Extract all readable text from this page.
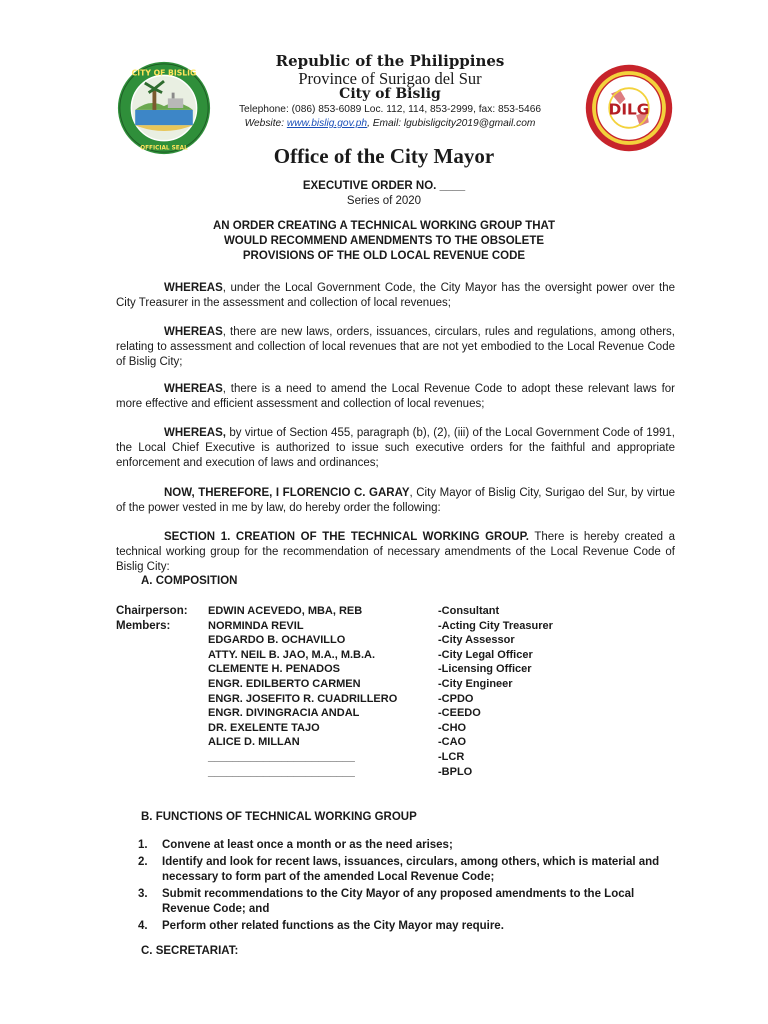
CITY OF BISLIG
OFFICIAL SEAL
DILG
Republic of the Philippines
Province of Surigao del Sur
City of Bislig
Telephone: (086) 853-6089 Loc. 112, 114, 853-2999, fax: 853-5466
Website: www.bislig.gov.ph, Email: lgubisligcity2019@gmail.com
Office of the City Mayor
EXECUTIVE ORDER NO. ____
Series of 2020
AN ORDER CREATING A TECHNICAL WORKING GROUP THAT
WOULD RECOMMEND AMENDMENTS TO THE OBSOLETE
PROVISIONS OF THE OLD LOCAL REVENUE CODE

WHEREAS, under the Local Government Code, the City Mayor has the oversight power over the City Treasurer in the assessment and collection of local revenues;

WHEREAS, there are new laws, orders, issuances, circulars, rules and regulations, among others, relating to assessment and collection of local revenues that are not yet embodied to the Local Revenue Code of Bislig City;

WHEREAS, there is a need to amend the Local Revenue Code to adopt these relevant laws for more effective and efficient assessment and collection of local revenues;

WHEREAS, by virtue of Section 455, paragraph (b), (2), (iii) of the Local Government Code of 1991, the Local Chief Executive is authorized to issue such executive orders for the faithful and appropriate enforcement and execution of laws and ordinances;

NOW, THEREFORE, I FLORENCIO C. GARAY, City Mayor of Bislig City, Surigao del Sur, by virtue of the power vested in me by law, do hereby order the following:

SECTION 1. CREATION OF THE TECHNICAL WORKING GROUP. There is hereby created a technical working group for the recommendation of necessary amendments of the Local Revenue Code of Bislig City:

A. COMPOSITION
Chairperson: EDWIN ACEVEDO, MBA, REB	-Consultant
Members:	NORMINDA REVIL	-Acting City Treasurer
EDGARDO B. OCHAVILLO	-City Assessor
ATTY. NEIL B. JAO, M.A., M.B.A.	-City Legal Officer
CLEMENTE H. PENADOS	-Licensing Officer
ENGR. EDILBERTO CARMEN	-City Engineer
ENGR. JOSEFITO R. CUADRILLERO	-CPDO
ENGR. DIVINGRACIA ANDAL	-CEEDO
DR. EXELENTE TAJO	-CHO
ALICE D. MILLAN	-CAO
________________________	-LCR
________________________	-BPLO
B. FUNCTIONS OF TECHNICAL WORKING GROUP
1.	Convene at least once a month or as the need arises;
2.	Identify and look for recent laws, issuances, circulars, among others, which is material and necessary to form part of the amended Local Revenue Code;
3.	Submit recommendations to the City Mayor of any proposed amendments to the Local Revenue Code; and
4.	Perform other related functions as the City Mayor may require.
C. SECRETARIAT:
